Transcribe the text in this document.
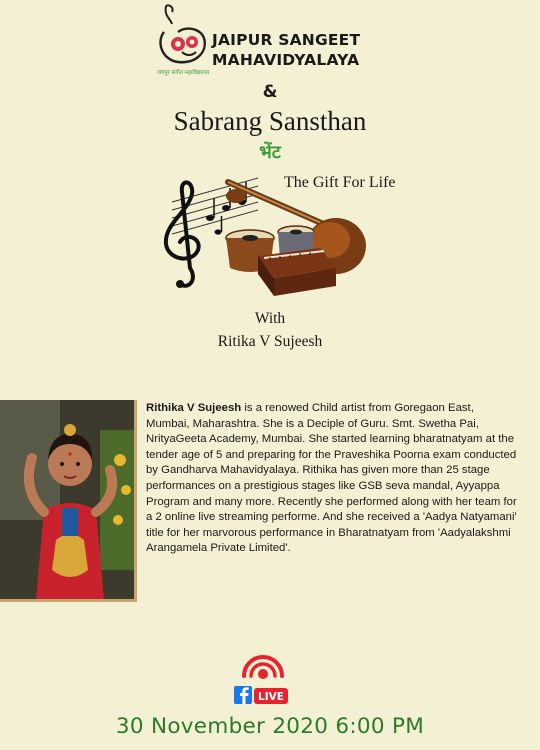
जयपुर संगीत महाविद्यालय
JAIPUR SANGEET
MAHAVIDYALAYA
&
Sabrang Sansthan
भेंट
The Gift For Life
With
Ritika V Sujeesh
Rithika V Sujeesh is a renowed Child artist from Goregaon East, Mumbai, Maharashtra. She is a Deciple of Guru. Smt. Swetha Pai, NrityaGeeta Academy, Mumbai. She started learning bharatnatyam at the tender age of 5 and preparing for the Praveshika Poorna exam conducted by Gandharva Mahavidyalaya. Rithika has given more than 25 stage performances on a prestigious stages like GSB seva mandal, Ayyappa Program and many more. Recently she performed along with her team for a 2 online live streaming performe. And she received a 'Aadya Natyamani' title for her marvorous performance in Bharatnatyam from 'Aadyalakshmi Arangamela Private Limited'.
LIVE
30 November 2020 6:00 PM
